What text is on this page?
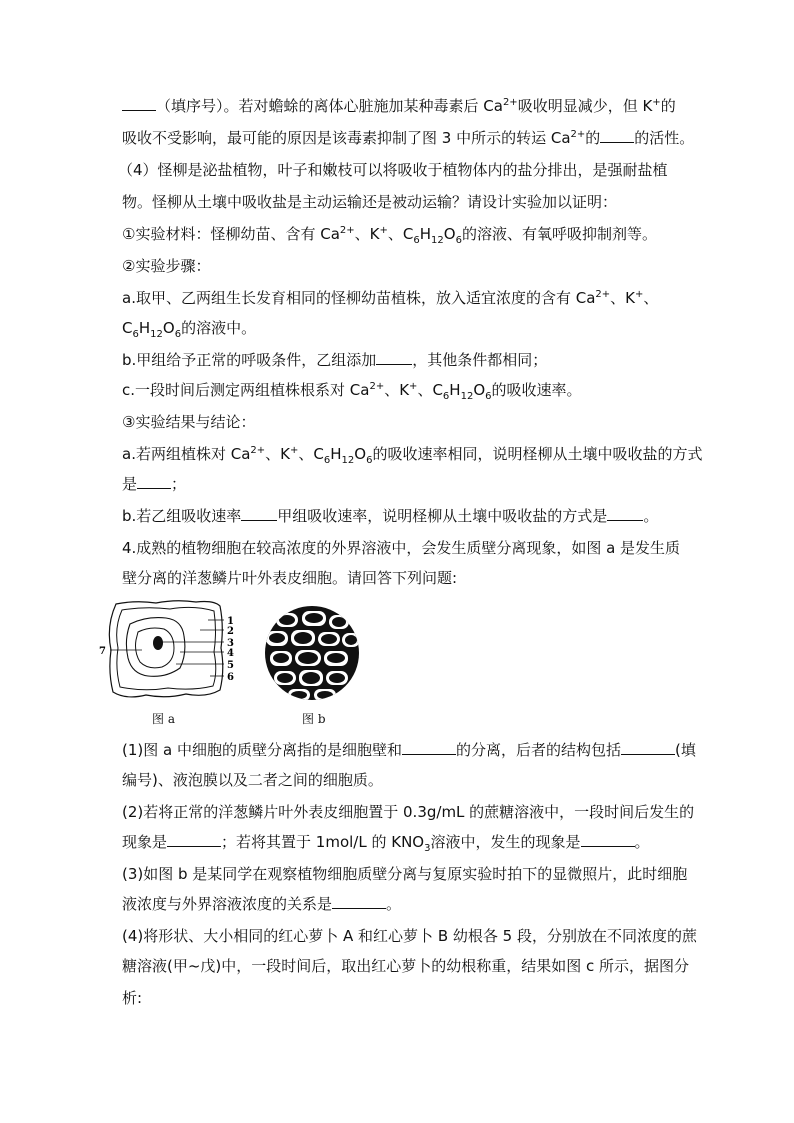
（填序号）。若对蟾蜍的离体心脏施加某种毒素后 $Ca^{2+}$吸收明显减少，但 K+的
吸收不受影响，最可能的原因是该毒素抑制了图 3 中所示的转运 $Ca^{2+}$的 的活性。
（4）怪柳是泌盐植物，叶子和嫩枝可以将吸收于植物体内的盐分排出，是强耐盐植
物。怪柳从土壤中吸收盐是主动运输还是被动运输？请设计实验加以证明：
①实验材料：怪柳幼苗、含有 $Ca^{2+}$、K+、$C_6H_{12}O_6$的溶液、有氧呼吸抑制剂等。
②实验步骤：
a.取甲、乙两组生长发育相同的怪柳幼苗植株，放入适宜浓度的含有 $Ca^{2+}$、K+、
$C_6H_{12}O_6$的溶液中。
b.甲组给予正常的呼吸条件，乙组添加 ，其他条件都相同；
c.一段时间后测定两组植株根系对 $Ca^{2+}$、K+、$C_6H_{12}O_6$的吸收速率。
③实验结果与结论：
a.若两组植株对 $Ca^{2+}$、K+、$C_6H_{12}O_6$的吸收速率相同，说明柽柳从土壤中吸收盐的方式
是 ；
b.若乙组吸收速率 甲组吸收速率，说明柽柳从土壤中吸收盐的方式是 。
4.成熟的植物细胞在较高浓度的外界溶液中，会发生质壁分离现象，如图 a 是发生质
壁分离的洋葱鳞片叶外表皮细胞。请回答下列问题:
1
2
3
4
5
6
7
图 a	图 b
(1)图 a 中细胞的质壁分离指的是细胞壁和	的分离，后者的结构包括	(填
编号)、液泡膜以及二者之间的细胞质。
(2)若将正常的洋葱鳞片叶外表皮细胞置于 0.3g/mL 的蔗糖溶液中，一段时间后发生的
现象是	；若将其置于 1mol/L 的 $KNO_3$溶液中，发生的现象是	。
(3)如图 b 是某同学在观察植物细胞质壁分离与复原实验时拍下的显微照片，此时细胞
液浓度与外界溶液浓度的关系是	。
(4)将形状、大小相同的红心萝卜 A 和红心萝卜 B 幼根各 5 段，分别放在不同浓度的蔗
糖溶液(甲~戊)中，一段时间后，取出红心萝卜的幼根称重，结果如图 c 所示，据图分
析:
